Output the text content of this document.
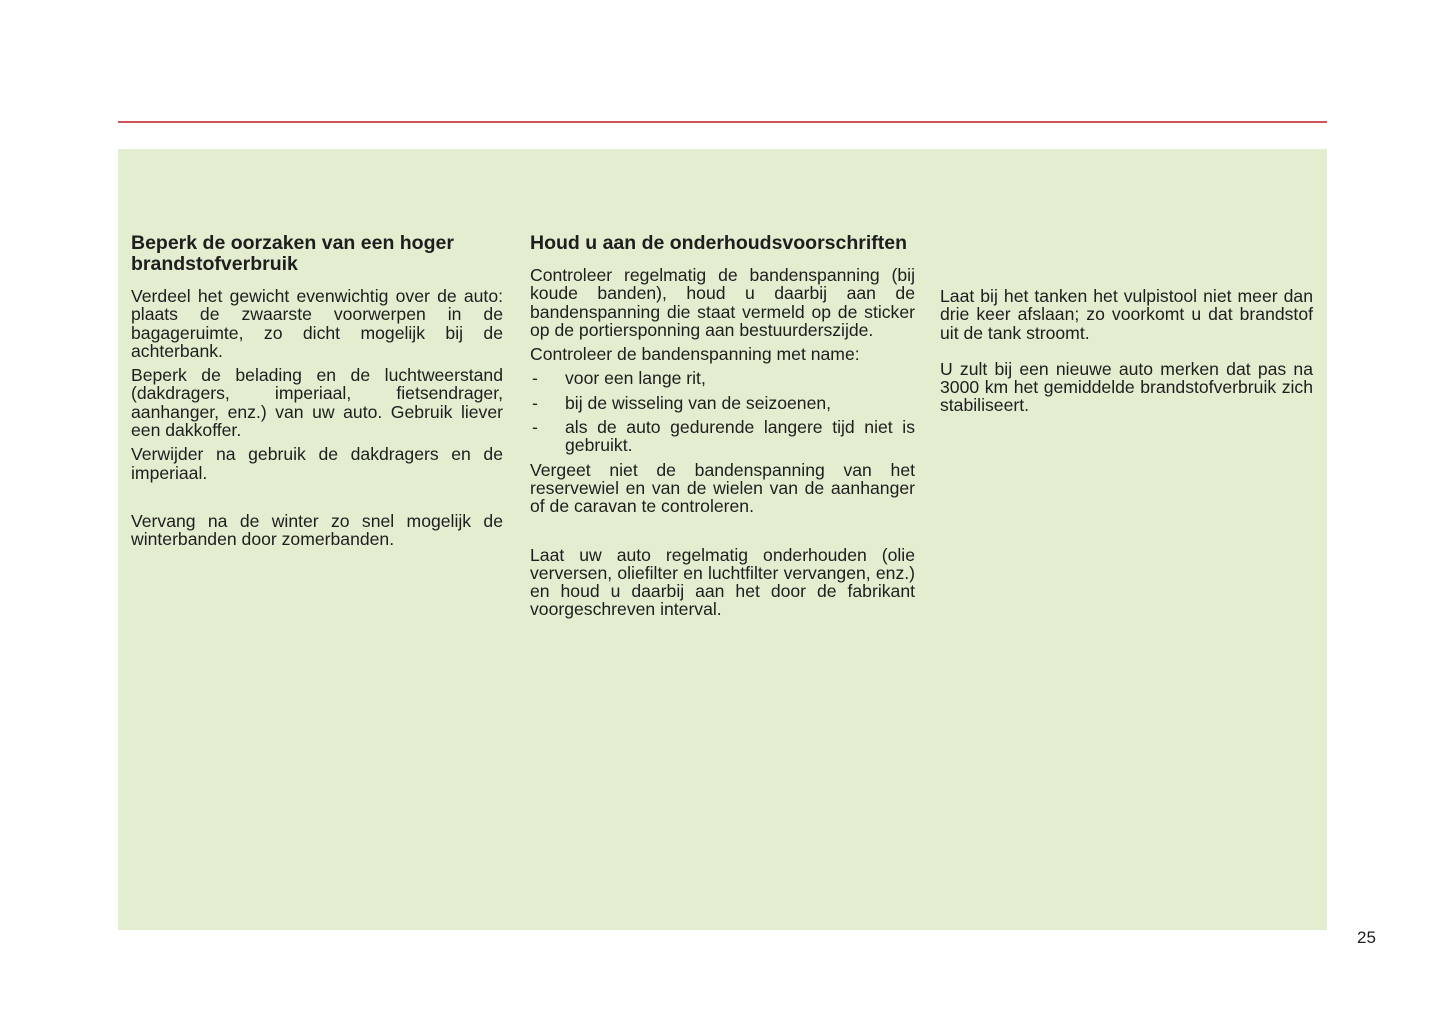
Beperk de oorzaken van een hoger brandstofverbruik

Verdeel het gewicht evenwichtig over de auto: plaats de zwaarste voorwerpen in de bagageruimte, zo dicht mogelijk bij de achterbank.

Beperk de belading en de luchtweerstand (dakdragers, imperiaal, fietsendrager, aanhanger, enz.) van uw auto. Gebruik liever een dakkoffer.

Verwijder na gebruik de dakdragers en de imperiaal.

Vervang na de winter zo snel mogelijk de winterbanden door zomerbanden.

Houd u aan de onderhoudsvoorschriften

Controleer regelmatig de bandenspanning (bij koude banden), houd u daarbij aan de bandenspanning die staat vermeld op de sticker op de portiersponning aan bestuurderszijde.

Controleer de bandenspanning met name:

- voor een lange rit,
- bij de wisseling van de seizoenen,
- als de auto gedurende langere tijd niet is gebruikt.

Vergeet niet de bandenspanning van het reservewiel en van de wielen van de aanhanger of de caravan te controleren.

Laat uw auto regelmatig onderhouden (olie verversen, oliefilter en luchtfilter vervangen, enz.) en houd u daarbij aan het door de fabrikant voorgeschreven interval.

Laat bij het tanken het vulpistool niet meer dan drie keer afslaan; zo voorkomt u dat brandstof uit de tank stroomt.

U zult bij een nieuwe auto merken dat pas na 3000 km het gemiddelde brandstofverbruik zich stabiliseert.

25
